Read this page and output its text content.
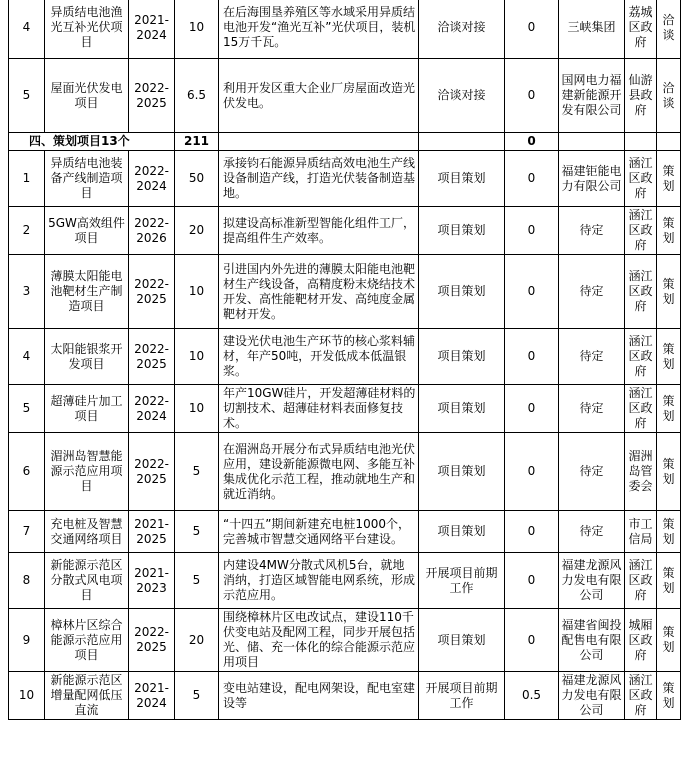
4	异质结电池渔光互补光伏项目	2021-2024	10	在后海围垦养殖区等水域采用异质结电池开发“渔光互补”光伏项目，装机15万千瓦。	洽谈对接	0	三峡集团	荔城区政府	洽谈
5	屋面光伏发电项目	2022-2025	6.5	利用开发区重大企业厂房屋面改造光伏发电。	洽谈对接	0	国网电力福建新能源开发有限公司	仙游县政府	洽谈
四、策划项目13个			211			0			
1	异质结电池装备产线制造项目	2022-2024	50	承接钧石能源异质结高效电池生产线设备制造产线，打造光伏装备制造基地。	项目策划	0	福建钜能电力有限公司	涵江区政府	策划
2	5GW高效组件项目	2022-2026	20	拟建设高标准新型智能化组件工厂，提高组件生产效率。	项目策划	0	待定	涵江区政府	策划
3	薄膜太阳能电池靶材生产制造项目	2022-2025	10	引进国内外先进的薄膜太阳能电池靶材生产线设备，高精度粉末烧结技术开发、高性能靶材开发、高纯度金属靶材开发。	项目策划	0	待定	涵江区政府	策划
4	太阳能银浆开发项目	2022-2025	10	建设光伏电池生产环节的核心浆料辅材，年产50吨，开发低成本低温银浆。	项目策划	0	待定	涵江区政府	策划
5	超薄硅片加工项目	2022-2024	10	年产10GW硅片，开发超薄硅材料的切割技术、超薄硅材料表面修复技术。	项目策划	0	待定	涵江区政府	策划
6	湄洲岛智慧能源示范应用项目	2022-2025	5	在湄洲岛开展分布式异质结电池光伏应用，建设新能源微电网、多能互补集成优化示范工程，推动就地生产和就近消纳。	项目策划	0	待定	湄洲岛管委会	策划
7	充电桩及智慧交通网络项目	2021-2025	5	“十四五”期间新建充电桩1000个，完善城市智慧交通网络平台建设。	项目策划	0	待定	市工信局	策划
8	新能源示范区分散式风电项目	2021-2023	5	内建设4MW分散式风机5台，就地消纳，打造区域智能电网系统，形成示范应用。	开展项目前期工作	0	福建龙源风力发电有限公司	涵江区政府	策划
9	樟林片区综合能源示范应用项目	2022-2025	20	围绕樟林片区电改试点，建设110千伏变电站及配网工程，同步开展包括光、储、充一体化的综合能源示范应用项目	项目策划	0	福建省闽投配售电有限公司	城厢区政府	策划
10	新能源示范区增量配网低压直流	2021-2024	5	变电站建设，配电网架设，配电室建设等	开展项目前期工作	0.5	福建龙源风力发电有限公司	涵江区政府	策划
